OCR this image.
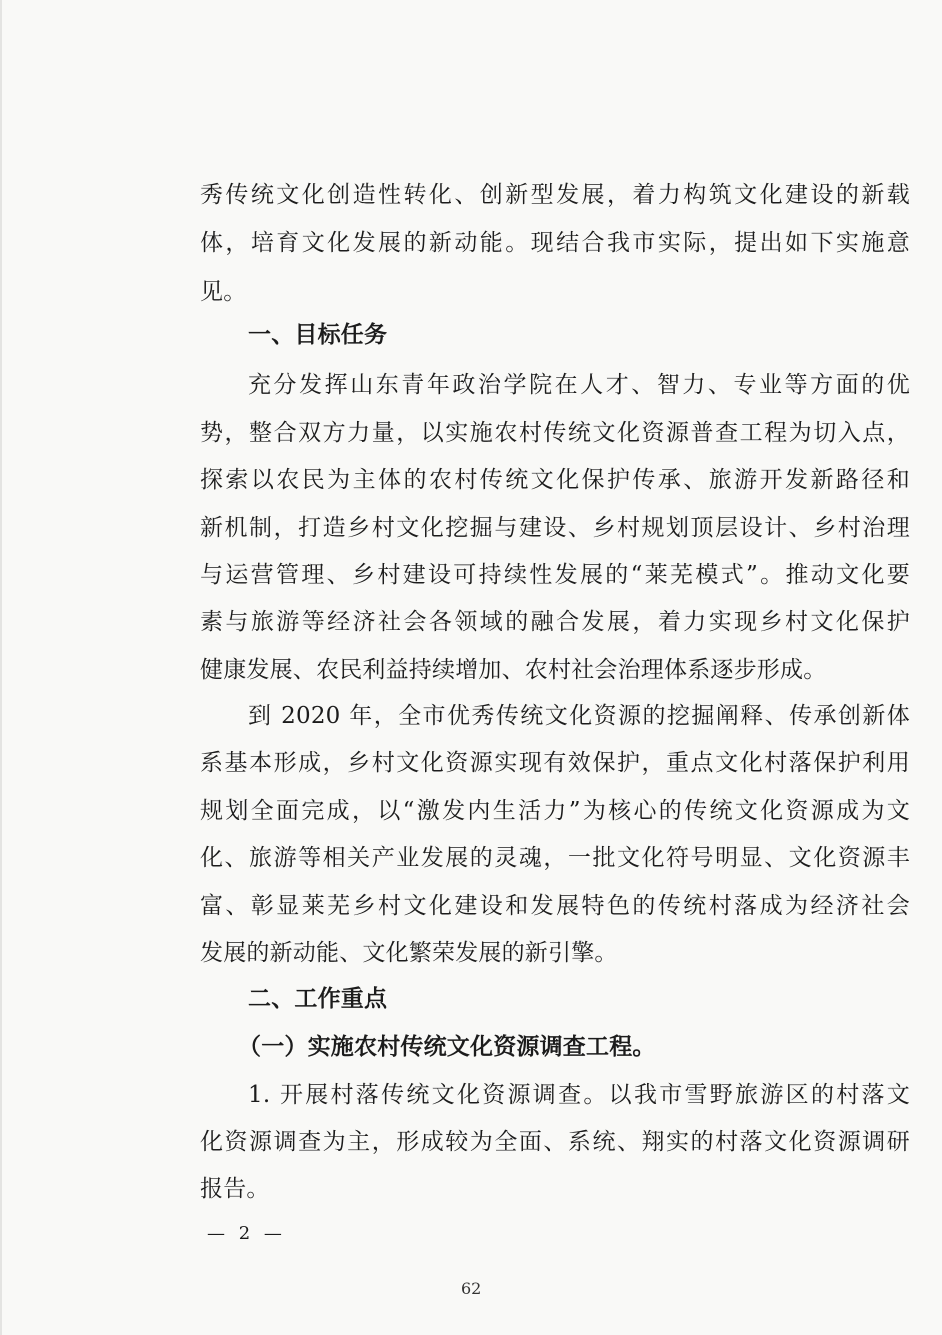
秀传统文化创造性转化、创新型发展，着力构筑文化建设的新载
体，培育文化发展的新动能。现结合我市实际，提出如下实施意
见。
一、目标任务
充分发挥山东青年政治学院在人才、智力、专业等方面的优
势，整合双方力量，以实施农村传统文化资源普查工程为切入点，
探索以农民为主体的农村传统文化保护传承、旅游开发新路径和
新机制，打造乡村文化挖掘与建设、乡村规划顶层设计、乡村治理
与运营管理、乡村建设可持续性发展的“莱芜模式”。推动文化要
素与旅游等经济社会各领域的融合发展，着力实现乡村文化保护
健康发展、农民利益持续增加、农村社会治理体系逐步形成。
到 2020 年，全市优秀传统文化资源的挖掘阐释、传承创新体
系基本形成，乡村文化资源实现有效保护，重点文化村落保护利用
规划全面完成，以“激发内生活力”为核心的传统文化资源成为文
化、旅游等相关产业发展的灵魂，一批文化符号明显、文化资源丰
富、彰显莱芜乡村文化建设和发展特色的传统村落成为经济社会
发展的新动能、文化繁荣发展的新引擎。
二、工作重点
（一）实施农村传统文化资源调查工程。
1. 开展村落传统文化资源调查。以我市雪野旅游区的村落文
化资源调查为主，形成较为全面、系统、翔实的村落文化资源调研
报告。
— 2 —
62
